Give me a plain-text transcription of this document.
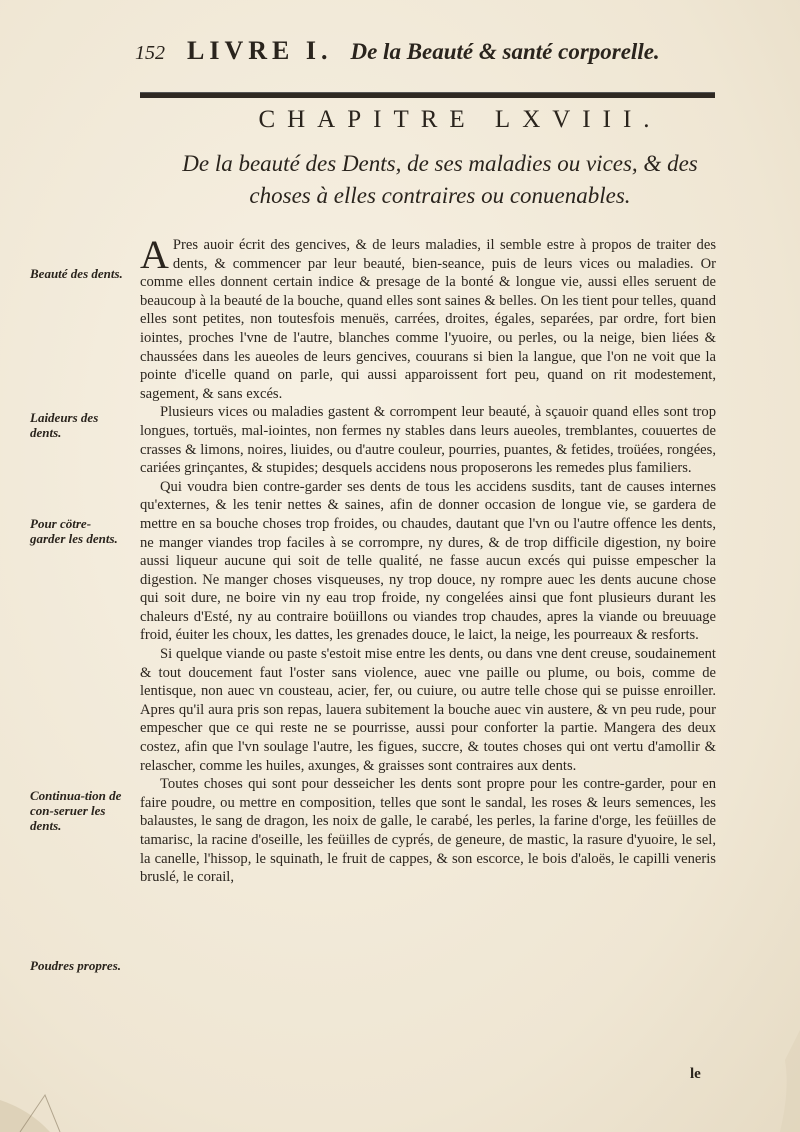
152 LIVRE I. De la Beauté & santé corporelle.
CHAPITRE LXVIII.
De la beauté des Dents, de ses maladies ou vices, & des choses à elles contraires ou conuenables.
Beauté des dents.
Laideurs des dents.
Pour cötre-garder les dents.
Continua-tion de con-seruer les dents.
Poudres propres.

A Pres auoir écrit des gencives, & de leurs maladies, il semble estre à propos de traiter des dents, & commencer par leur beauté, bien-seance, puis de leurs vices ou maladies. Or comme elles donnent certain indice & presage de la bonté & longue vie, aussi elles seruent de beaucoup à la beauté de la bouche, quand elles sont saines & belles. On les tient pour telles, quand elles sont petites, non toutesfois menuës, carrées, droites, égales, separées, par ordre, fort bien iointes, proches l'vne de l'autre, blanches comme l'yuoire, ou perles, ou la neige, bien liées & chaussées dans les aueoles de leurs gencives, couurans si bien la langue, que l'on ne voit que la pointe d'icelle quand on parle, qui aussi apparoissent fort peu, quand on rit modestement, sagement, & sans excés.

Plusieurs vices ou maladies gastent & corrompent leur beauté, à sçauoir quand elles sont trop longues, tortuës, mal-iointes, non fermes ny stables dans leurs aueoles, tremblantes, couuertes de crasses & limons, noires, liuides, ou d'autre couleur, pourries, puantes, & fetides, troüées, rongées, cariées grinçantes, & stupides; desquels accidens nous proposerons les remedes plus familiers.

Qui voudra bien contre-garder ses dents de tous les accidens susdits, tant de causes internes qu'externes, & les tenir nettes & saines, afin de donner occasion de longue vie, se gardera de mettre en sa bouche choses trop froides, ou chaudes, dautant que l'vn ou l'autre offence les dents, ne manger viandes trop faciles à se corrompre, ny dures, & de trop difficile digestion, ny boire aussi liqueur aucune qui soit de telle qualité, ne fasse aucun excés qui puisse empescher la digestion. Ne manger choses visqueuses, ny trop douce, ny rompre auec les dents aucune chose qui soit dure, ne boire vin ny eau trop froide, ny congelées ainsi que font plusieurs durant les chaleurs d'Esté, ny au contraire boüillons ou viandes trop chaudes, apres la viande ou breuuage froid, éuiter les choux, les dattes, les grenades douce, le laict, la neige, les pourreaux & resforts.

Si quelque viande ou paste s'estoit mise entre les dents, ou dans vne dent creuse, soudainement & tout doucement faut l'oster sans violence, auec vne paille ou plume, ou bois, comme de lentisque, non auec vn cousteau, acier, fer, ou cuiure, ou autre telle chose qui se puisse enroiller. Apres qu'il aura pris son repas, lauera subitement la bouche auec vin austere, & vn peu rude, pour empescher que ce qui reste ne se pourrisse, aussi pour conforter la partie. Mangera des deux costez, afin que l'vn soulage l'autre, les figues, succre, & toutes choses qui ont vertu d'amollir & relascher, comme les huiles, axunges, & graisses sont contraires aux dents.

Toutes choses qui sont pour desseicher les dents sont propre pour les contre-garder, pour en faire poudre, ou mettre en composition, telles que sont le sandal, les roses & leurs semences, les balaustes, le sang de dragon, les noix de galle, le carabé, les perles, la farine d'orge, les feüilles de tamarisc, la racine d'oseille, les feüilles de cyprés, de geneure, de mastic, la rasure d'yuoire, le sel, la canelle, l'hissop, le squinath, le fruit de cappes, & son escorce, le bois d'aloës, le capilli veneris bruslé, le corail,

le
